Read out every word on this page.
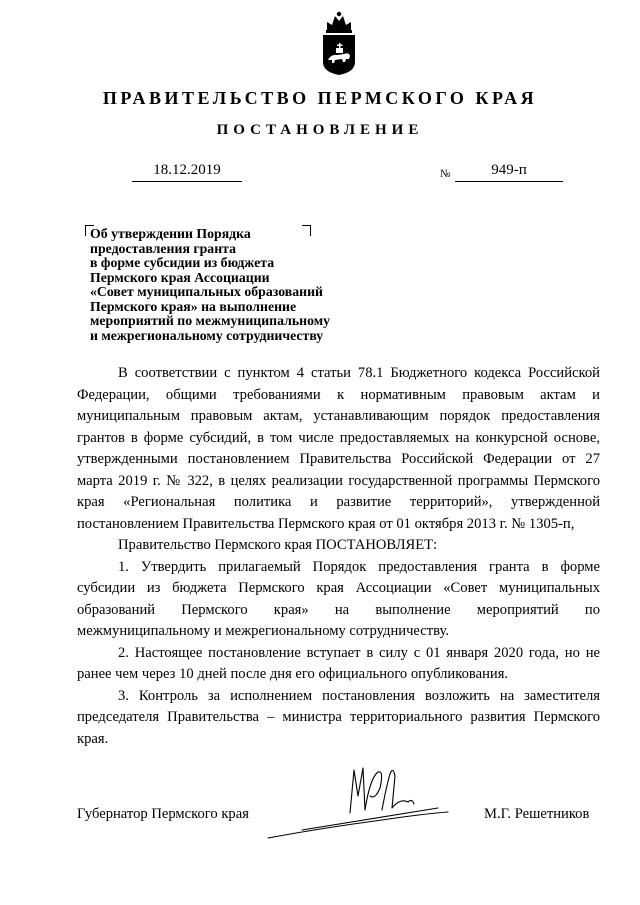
ПРАВИТЕЛЬСТВО ПЕРМСКОГО КРАЯ
ПОСТАНОВЛЕНИЕ
18.12.2019	№	949-п
Об утверждении Порядка
предоставления гранта
в форме субсидии из бюджета
Пермского края Ассоциации
«Совет муниципальных образований
Пермского края» на выполнение
мероприятий по межмуниципальному
и межрегиональному сотрудничеству

В соответствии с пунктом 4 статьи 78.1 Бюджетного кодекса Российской Федерации, общими требованиями к нормативным правовым актам и муниципальным правовым актам, устанавливающим порядок предоставления грантов в форме субсидий, в том числе предоставляемых на конкурсной основе, утвержденными постановлением Правительства Российской Федерации от 27 марта 2019 г. № 322, в целях реализации государственной программы Пермского края «Региональная политика и развитие территорий», утвержденной постановлением Правительства Пермского края от 01 октября 2013 г. № 1305-п,

Правительство Пермского края ПОСТАНОВЛЯЕТ:

1. Утвердить прилагаемый Порядок предоставления гранта в форме субсидии из бюджета Пермского края Ассоциации «Совет муниципальных образований Пермского края» на выполнение мероприятий по межмуниципальному и межрегиональному сотрудничеству.

2. Настоящее постановление вступает в силу с 01 января 2020 года, но не ранее чем через 10 дней после дня его официального опубликования.

3. Контроль за исполнением постановления возложить на заместителя председателя Правительства – министра территориального развития Пермского края.

Губернатор Пермского края	М.Г. Решетников
